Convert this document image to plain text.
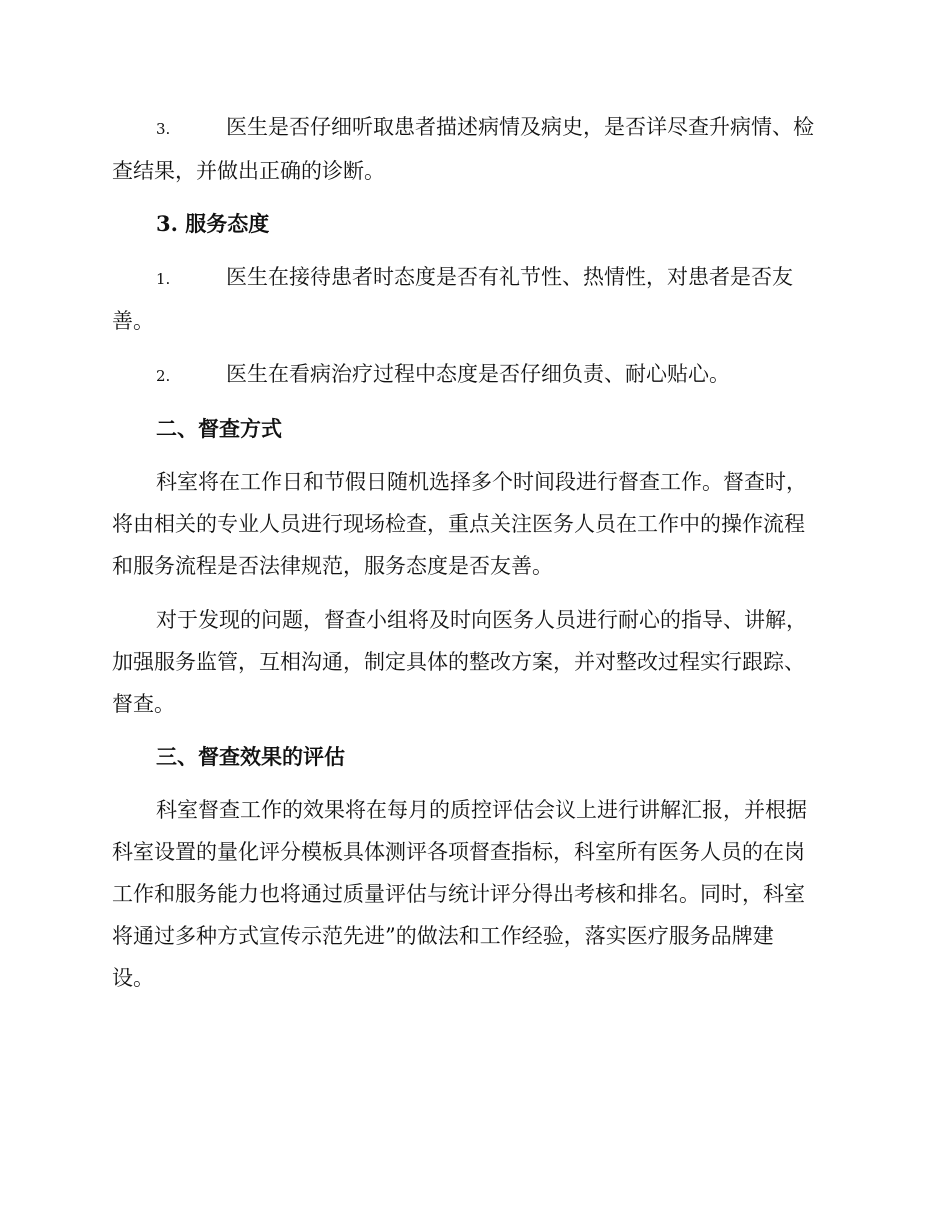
3.	医生是否仔细听取患者描述病情及病史，是否详尽查升病情、检
查结果，并做出正确的诊断。
3. 服务态度
1.	医生在接待患者时态度是否有礼节性、热情性，对患者是否友
善。
2.	医生在看病治疗过程中态度是否仔细负责、耐心贴心。
二、督查方式
科室将在工作日和节假日随机选择多个时间段进行督查工作。督查时，
将由相关的专业人员进行现场检查，重点关注医务人员在工作中的操作流程
和服务流程是否法律规范，服务态度是否友善。
对于发现的问题，督查小组将及时向医务人员进行耐心的指导、讲解，
加强服务监管，互相沟通，制定具体的整改方案，并对整改过程实行跟踪、
督查。
三、督查效果的评估
科室督查工作的效果将在每月的质控评估会议上进行讲解汇报，并根据
科室设置的量化评分模板具体测评各项督查指标，科室所有医务人员的在岗
工作和服务能力也将通过质量评估与统计评分得出考核和排名。同时，科室
将通过多种方式宣传示范先进”的做法和工作经验，落实医疗服务品牌建
设。
